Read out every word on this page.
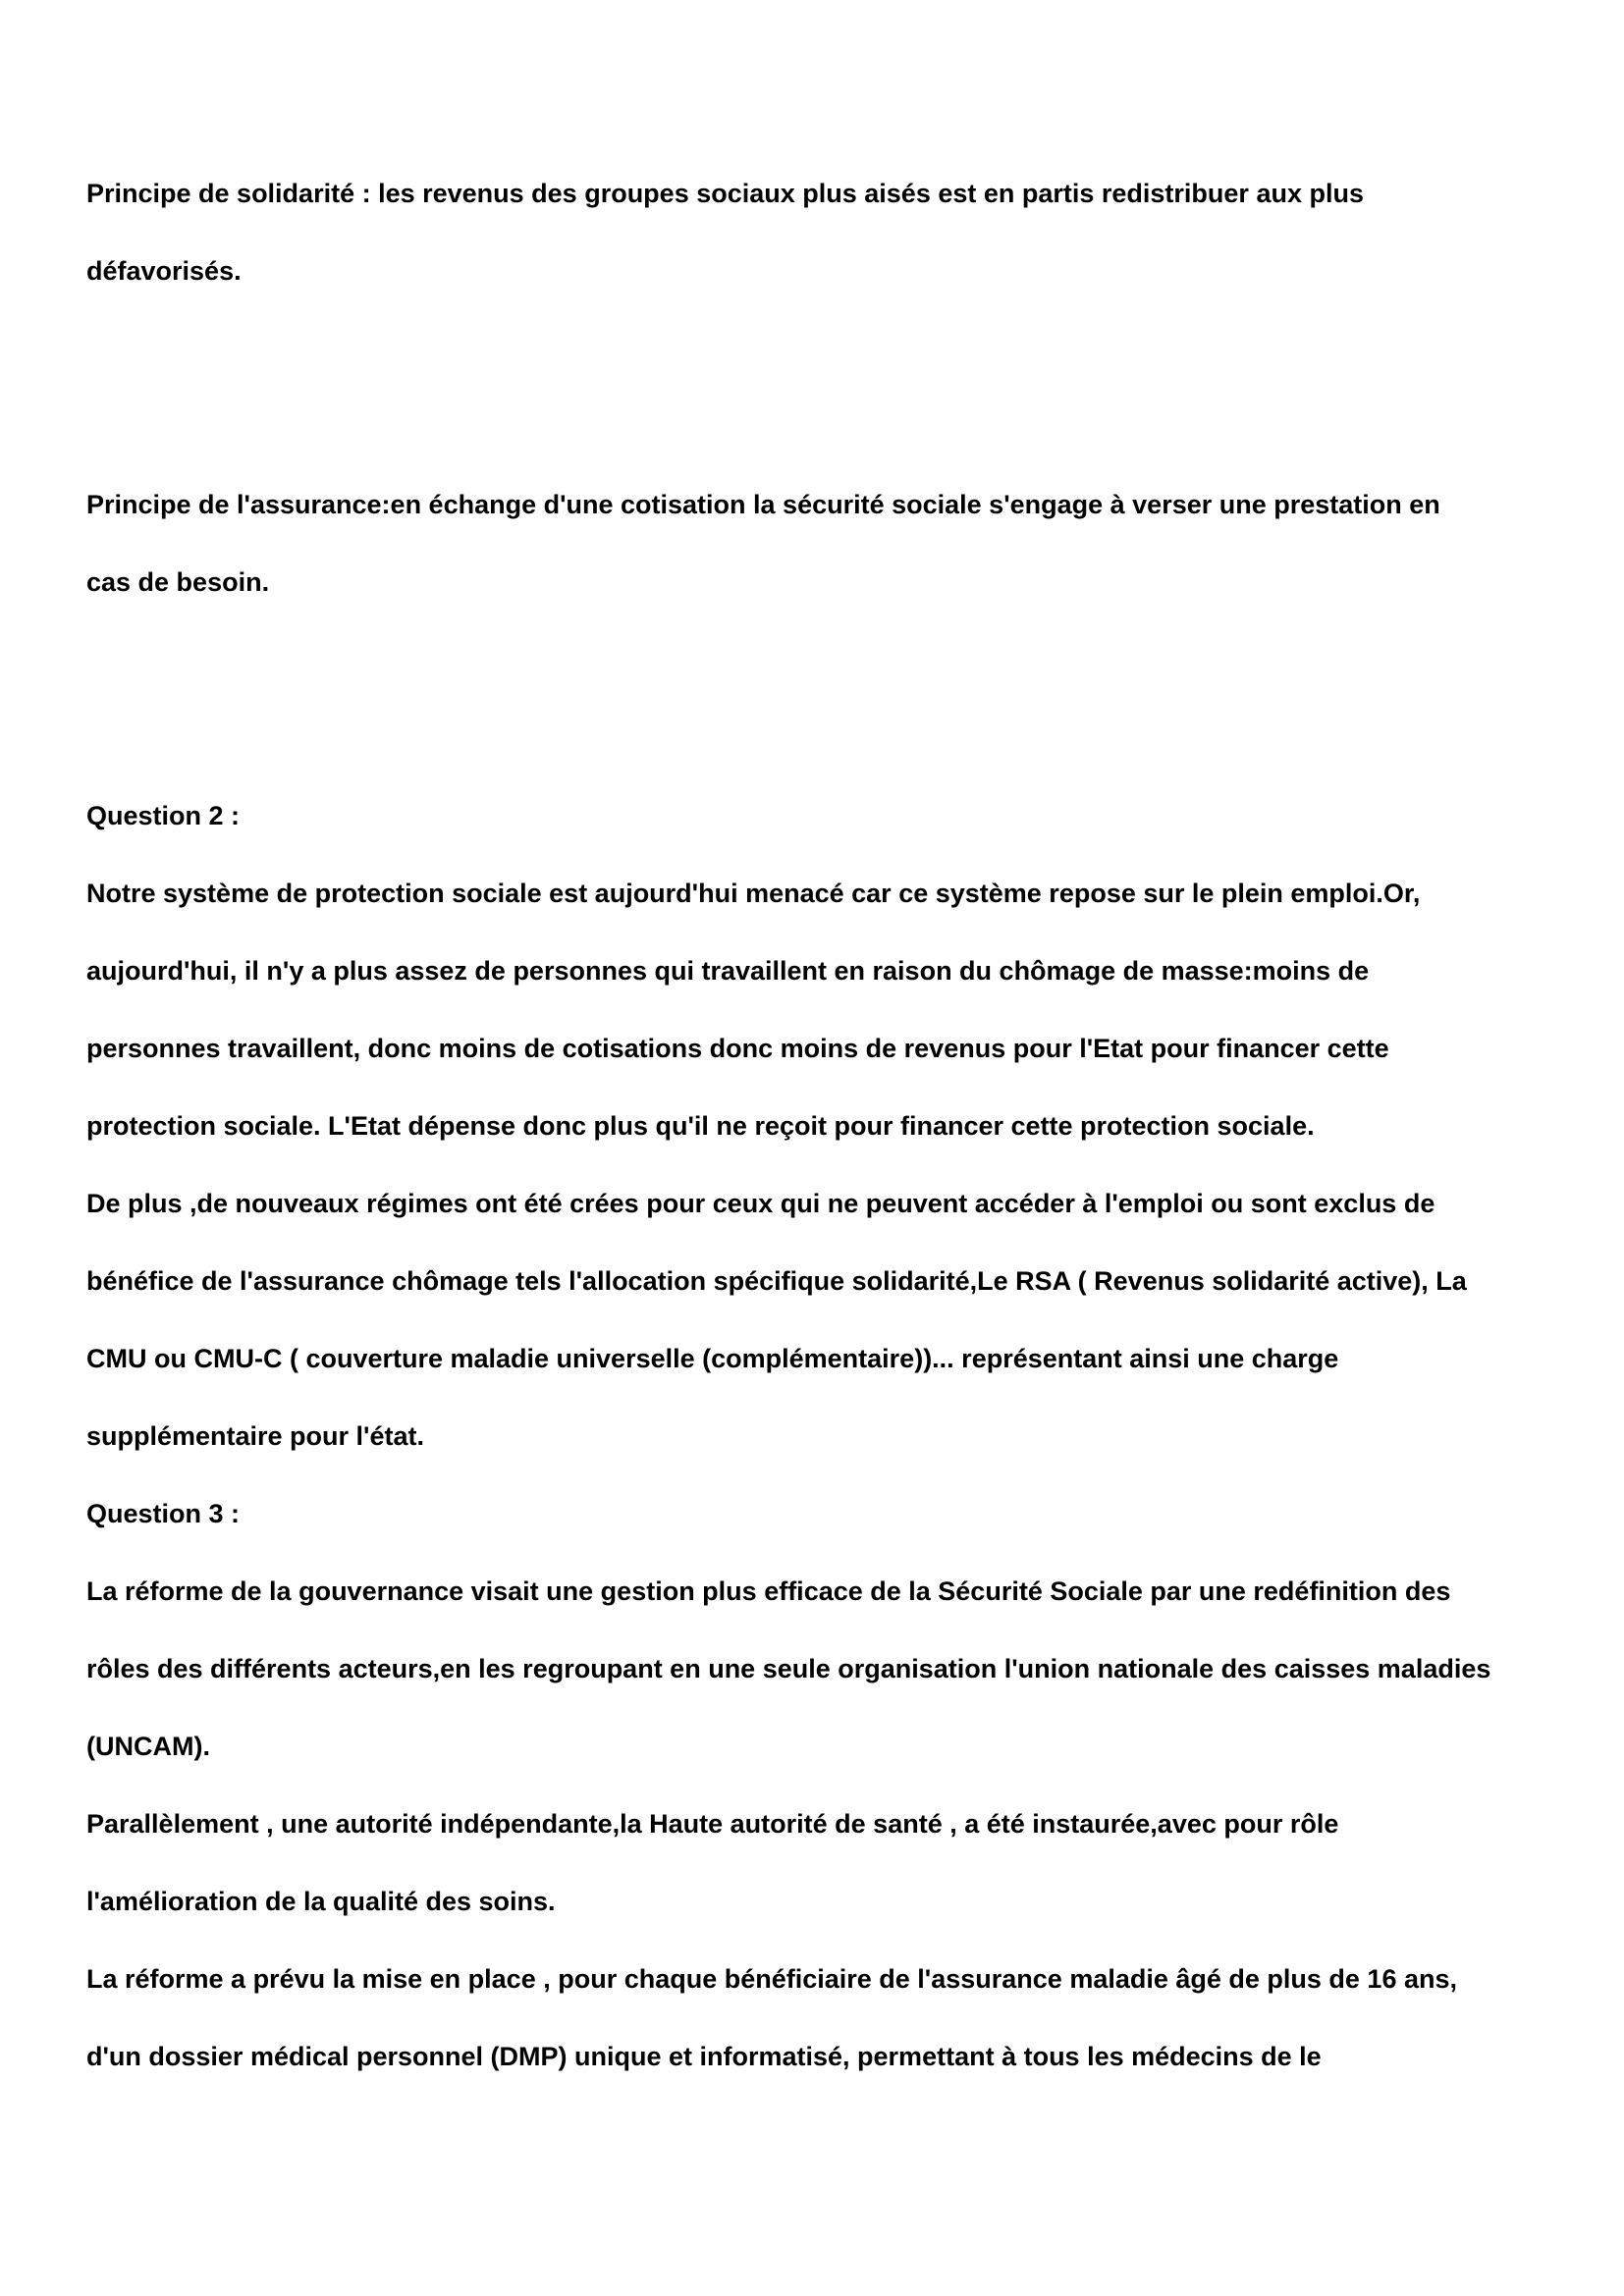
Principe de solidarité : les revenus des groupes sociaux plus aisés est en partis redistribuer aux plus

défavorisés.

Principe de l'assurance:en échange d'une cotisation la sécurité sociale s'engage à verser une prestation en

cas de besoin.

Question 2 :

Notre système de protection sociale est aujourd'hui menacé car ce système repose sur le plein emploi.Or,

aujourd'hui, il n'y a plus assez de personnes qui travaillent en raison du chômage de masse:moins de

personnes travaillent, donc moins de cotisations donc moins de revenus pour l'Etat pour financer cette

protection sociale. L'Etat dépense donc plus qu'il ne reçoit pour financer cette protection sociale.

De plus ,de nouveaux régimes ont été crées pour ceux qui ne peuvent accéder à l'emploi ou sont exclus de

bénéfice de l'assurance chômage tels l'allocation spécifique solidarité,Le RSA ( Revenus solidarité active), La

CMU ou CMU-C ( couverture maladie universelle (complémentaire))... représentant ainsi une charge

supplémentaire pour l'état.

Question 3 :

La réforme de la gouvernance visait une gestion plus efficace de la Sécurité Sociale par une redéfinition des

rôles des différents acteurs,en les regroupant en une seule organisation l'union nationale des caisses maladies

(UNCAM).

Parallèlement , une autorité indépendante,la Haute autorité de santé , a été instaurée,avec pour rôle

l'amélioration de la qualité des soins.

La réforme a prévu la mise en place , pour chaque bénéficiaire de l'assurance maladie âgé de plus de 16 ans,

d'un dossier médical personnel (DMP) unique et informatisé, permettant à tous les médecins de le
